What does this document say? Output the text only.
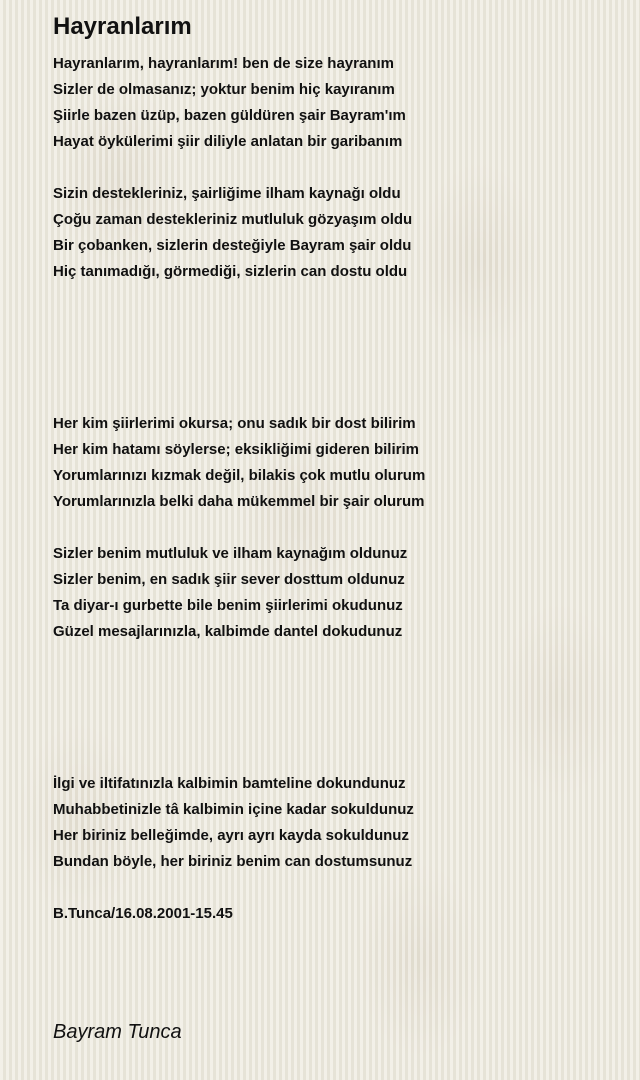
Hayranlarım
Hayranlarım, hayranlarım! ben de size hayranım
Sizler de olmasanız; yoktur benim hiç kayıranım
Şiirle bazen üzüp, bazen güldüren şair Bayram'ım
Hayat öykülerimi şiir diliyle anlatan bir garibanım
Sizin destekleriniz, şairliğime ilham kaynağı oldu
Çoğu zaman destekleriniz mutluluk gözyaşım oldu
Bir çobanken, sizlerin desteğiyle Bayram şair oldu
Hiç tanımadığı, görmediği, sizlerin can dostu oldu
Her kim şiirlerimi okursa; onu sadık bir dost bilirim
Her kim hatamı söylerse; eksikliğimi gideren bilirim
Yorumlarınızı kızmak değil, bilakis çok mutlu olurum
Yorumlarınızla belki daha mükemmel bir şair olurum
Sizler benim mutluluk ve ilham kaynağım oldunuz
Sizler benim, en sadık şiir sever dosttum oldunuz
Ta diyar-ı gurbette bile benim şiirlerimi okudunuz
Güzel mesajlarınızla, kalbimde dantel dokudunuz
İlgi ve iltifatınızla kalbimin bamteline dokundunuz
Muhabbetinizle tâ kalbimin içine kadar sokuldunuz
Her biriniz belleğimde, ayrı ayrı kayda sokuldunuz
Bundan böyle, her biriniz benim can dostumsunuz
B.Tunca/16.08.2001-15.45
Bayram Tunca
